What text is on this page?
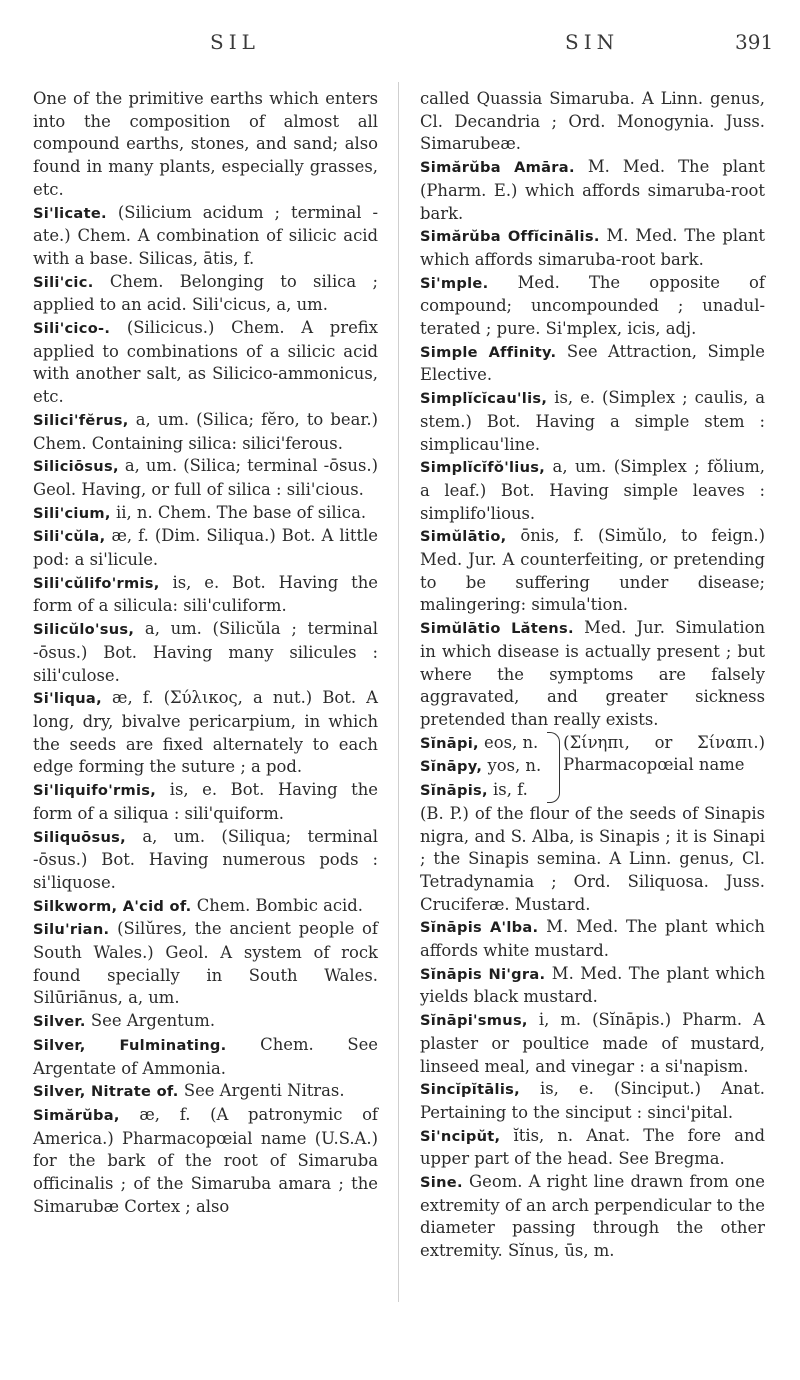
SIL	SIN	391

One of the primitive earths which enters into the composition of almost all compound earths, stones, and sand; also found in many plants, especially grasses, etc.

Si'licate. (Silicium acidum ; terminal -ate.) Chem. A combination of silicic acid with a base. Silicas, ātis, f.

Sili'cic. Chem. Belonging to silica ; applied to an acid. Sili'cicus, a, um.

Sili'cico-. (Silicicus.) Chem. A prefix applied to combinations of a silicic acid with another salt, as Silicico-ammonicus, etc.

Silici'fĕrus, a, um. (Silica; fĕro, to bear.) Chem. Containing silica: silici'ferous.

Siliciōsus, a, um. (Silica; terminal -ōsus.) Geol. Having, or full of silica : sili'cious.

Sili'cium, ii, n. Chem. The base of silica.

Sili'cŭla, æ, f. (Dim. Siliqua.) Bot. A little pod: a si'licule.

Sili'cŭlifo'rmis, is, e. Bot. Having the form of a silicula: sili'culiform.

Silicŭlo'sus, a, um. (Silicŭla ; terminal -ōsus.) Bot. Having many silicules : sili'culose.

Si'liqua, æ, f. (Σύλικος, a nut.) Bot. A long, dry, bivalve pericarpium, in which the seeds are fixed alternately to each edge forming the suture ; a pod.

Si'liquifo'rmis, is, e. Bot. Having the form of a siliqua : sili'quiform.

Siliquōsus, a, um. (Siliqua; terminal -ōsus.) Bot. Having numerous pods : si'liquose.

Silkworm, A'cid of. Chem. Bombic acid.

Silu'rian. (Silŭres, the ancient people of South Wales.) Geol. A system of rock found specially in South Wales. Silūriānus, a, um.

Silver. See Argentum.

Silver, Fulminating. Chem. See Argentate of Ammonia.

Silver, Nitrate of. See Argenti Nitras.

Simărŭba, æ, f. (A patronymic of America.) Pharmacopœial name (U.S.A.) for the bark of the root of Simaruba officinalis ; of the Simaruba amara ; the Simarubæ Cortex ; also

called Quassia Simaruba. A Linn. genus, Cl. Decandria ; Ord. Monogynia. Juss. Simarubeæ.

Simărŭba Amāra. M. Med. The plant (Pharm. E.) which affords simaruba-root bark.

Simărŭba Offĭcinālis. M. Med. The plant which affords simaruba-root bark.

Si'mple. Med. The opposite of compound; uncompounded ; unadulterated ; pure. Si'mplex, icis, adj.

Simple Affinity. See Attraction, Simple Elective.

Simplĭcĭcau'lis, is, e. (Simplex ; caulis, a stem.) Bot. Having a simple stem : simplicau'line.

Simplĭcĭfŏ'lius, a, um. (Simplex ; fŏlium, a leaf.) Bot. Having simple leaves : simplifo'lious.

Simŭlātio, ōnis, f. (Simŭlo, to feign.) Med. Jur. A counterfeiting, or pretending to be suffering under disease; malingering: simula'tion.

Simŭlātio Lătens. Med. Jur. Simulation in which disease is actually present ; but where the symptoms are falsely aggravated, and greater sickness pretended than really exists.

Sĭnāpi, eos, n.
Sĭnāpy, yos, n.
Sĭnāpis, is, f.
(Σίνηπι, or Σίναπι.) Pharmacopœial name
(B. P.) of the flour of the seeds of Sinapis nigra, and S. Alba, is Sinapis ; it is Sinapi ; the Sinapis semina. A Linn. genus, Cl. Tetradynamia ; Ord. Siliquosa. Juss. Cruciferæ. Mustard.

Sĭnāpis A'lba. M. Med. The plant which affords white mustard.

Sĭnāpis Ni'gra. M. Med. The plant which yields black mustard.

Sĭnāpi'smus, i, m. (Sĭnāpis.) Pharm. A plaster or poultice made of mustard, linseed meal, and vinegar : a si'napism.

Sincĭpĭtālis, is, e. (Sinciput.) Anat. Pertaining to the sinciput : sinci'pital.

Si'ncipŭt, ĭtis, n. Anat. The fore and upper part of the head. See Bregma.

Sine. Geom. A right line drawn from one extremity of an arch perpendicular to the diameter passing through the other extremity. Sĭnus, ūs, m.
